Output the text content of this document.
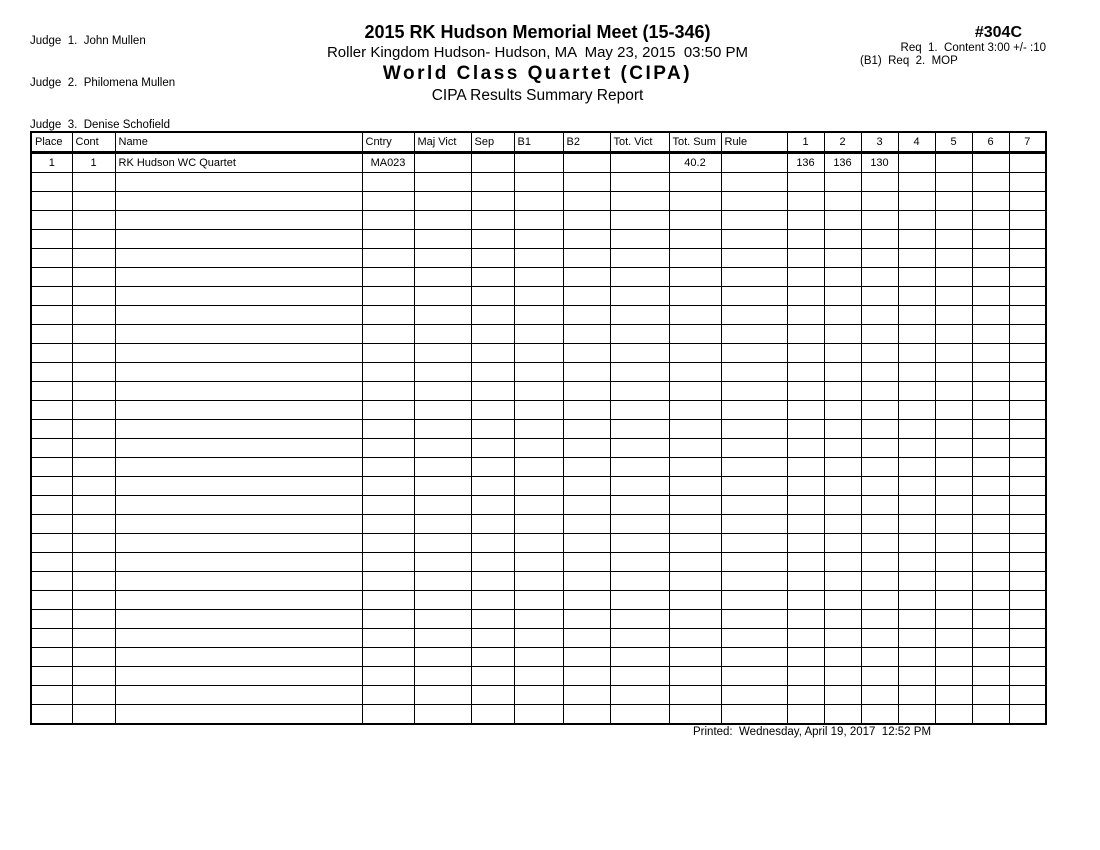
Judge  1.  John Mullen

Judge  2.  Philomena Mullen

Judge  3.  Denise Schofield

2015 RK Hudson Memorial Meet (15-346)
Roller Kingdom Hudson- Hudson, MA  May 23, 2015  03:50 PM
World Class Quartet (CIPA)
CIPA Results Summary Report
#304C
Req  1.  Content 3:00 +/- :10
(B1)  Req  2.  MOP
Place	Cont	Name	Cntry	Maj Vict	Sep	B1	B2	Tot. Vict	Tot. Sum	Rule	1	2	3	4	5	6	7
1	1	RK Hudson WC Quartet	MA023						40.2		136	136	130				

Printed:  Wednesday, April 19, 2017  12:52 PM
